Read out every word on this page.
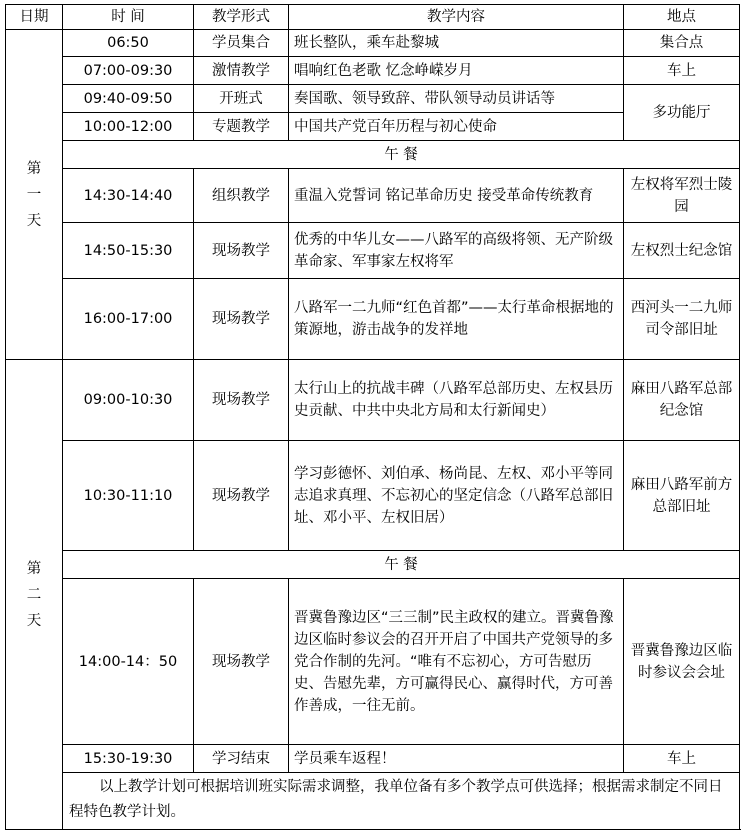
日期	时 间	教学形式	教学内容	地点
第
一
天	06:50	学员集合	班长整队，乘车赴黎城	集合点
	07:00-09:30	激情教学	唱响红色老歌 忆念峥嵘岁月	车上
	09:40-09:50	开班式	奏国歌、领导致辞、带队领导动员讲话等	多功能厅
	10:00-12:00	专题教学	中国共产党百年历程与初心使命	
	午 餐			
	14:30-14:40	组织教学	重温入党誓词 铭记革命历史 接受革命传统教育	左权将军烈士陵园
	14:50-15:30	现场教学	优秀的中华儿女——八路军的高级将领、无产阶级革命家、军事家左权将军	左权烈士纪念馆
	16:00-17:00	现场教学	八路军一二九师“红色首都”——太行革命根据地的策源地，游击战争的发祥地	西河头一二九师司令部旧址
第
二
天	09:00-10:30	现场教学	太行山上的抗战丰碑（八路军总部历史、左权县历史贡献、中共中央北方局和太行新闻史）	麻田八路军总部纪念馆
	10:30-11:10	现场教学	学习彭德怀、刘伯承、杨尚昆、左权、邓小平等同志追求真理、不忘初心的坚定信念（八路军总部旧址、邓小平、左权旧居）	麻田八路军前方总部旧址
	午 餐			
	14:00-14：50	现场教学	晋冀鲁豫边区“三三制”民主政权的建立。晋冀鲁豫边区临时参议会的召开开启了中国共产党领导的多党合作制的先河。“唯有不忘初心，方可告慰历史、告慰先辈，方可赢得民心、赢得时代，方可善作善成，一往无前。	晋冀鲁豫边区临时参议会会址
	15:30-19:30	学习结束	学员乘车返程！	车上
	以上教学计划可根据培训班实际需求调整，我单位备有多个教学点可供选择；根据需求制定不同日程特色教学计划。			
